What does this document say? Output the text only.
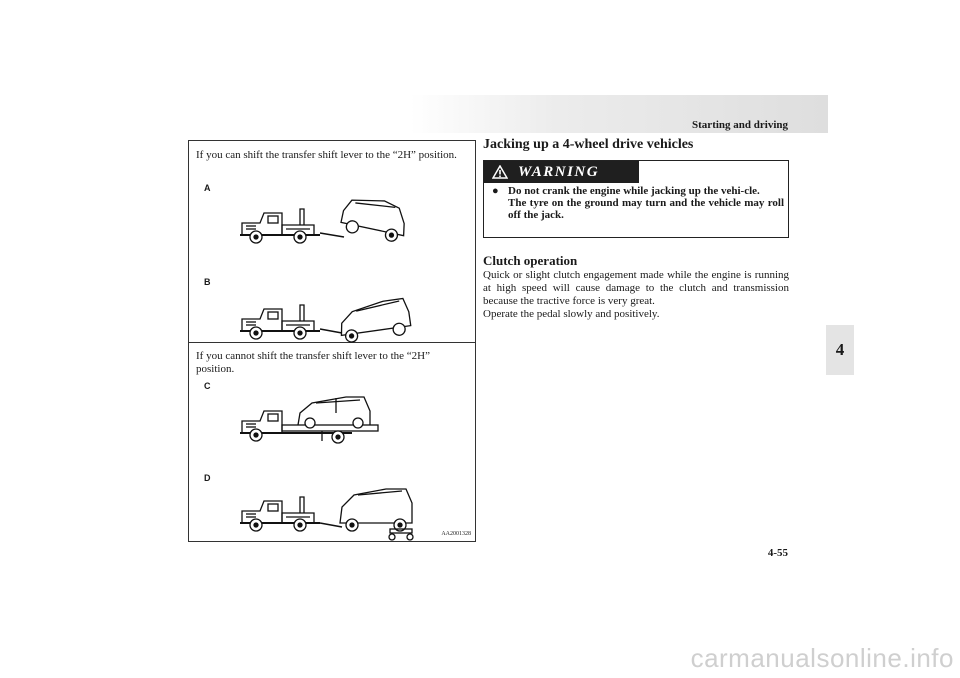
Starting and driving
4
4-55
If you can shift the transfer shift lever to the “2H” position.
If you cannot shift the transfer shift lever to the “2H” position.
A
B
C
D
AA2001328
Jacking up a 4-wheel drive vehicles
WARNING
● Do not crank the engine while jacking up the vehi-cle.

The tyre on the ground may turn and the vehicle may roll off the jack.

Clutch operation

Quick or slight clutch engagement made while the engine is running at high speed will cause damage to the clutch and transmission because the tractive force is very great.

Operate the pedal slowly and positively.

carmanualsonline.info
